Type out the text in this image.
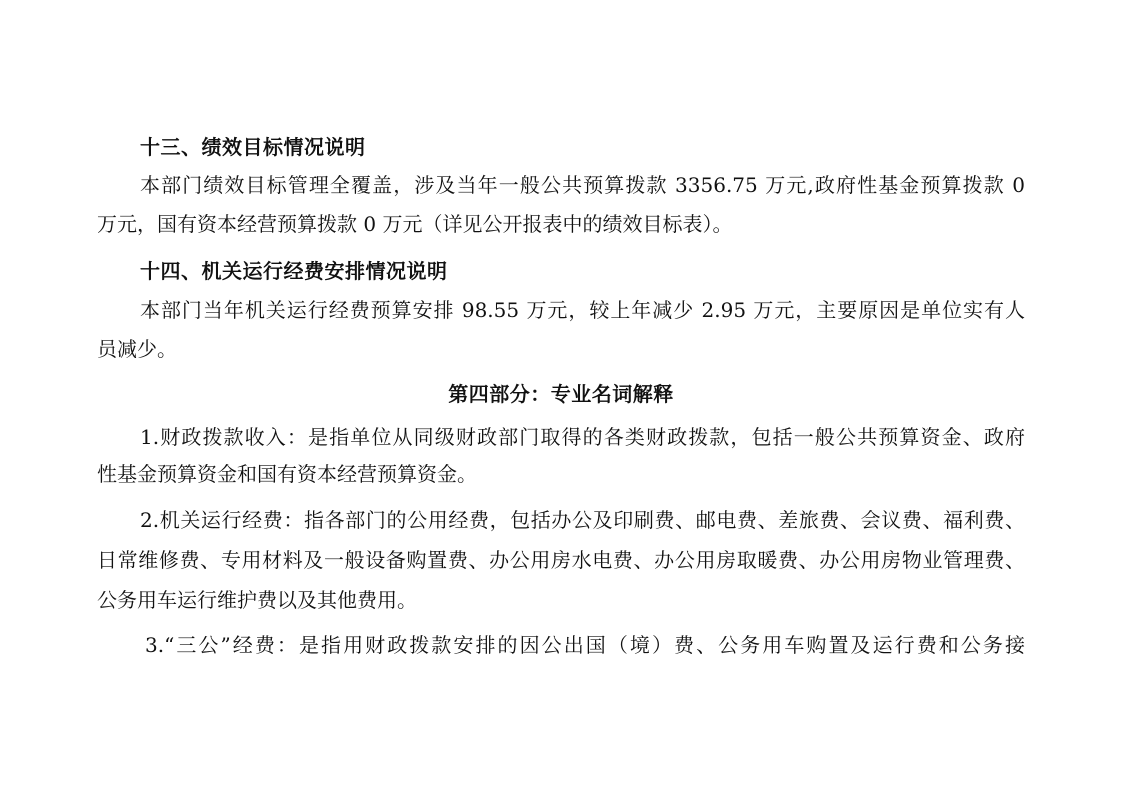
十三、绩效目标情况说明
本部门绩效目标管理全覆盖，涉及当年一般公共预算拨款 3356.75 万元,政府性基金预算拨款 0
万元，国有资本经营预算拨款 0 万元（详见公开报表中的绩效目标表）。
十四、机关运行经费安排情况说明
本部门当年机关运行经费预算安排 98.55 万元，较上年减少 2.95 万元，主要原因是单位实有人
员减少。
第四部分：专业名词解释
1.财政拨款收入：是指单位从同级财政部门取得的各类财政拨款，包括一般公共预算资金、政府
性基金预算资金和国有资本经营预算资金。
2.机关运行经费：指各部门的公用经费，包括办公及印刷费、邮电费、差旅费、会议费、福利费、
日常维修费、专用材料及一般设备购置费、办公用房水电费、办公用房取暖费、办公用房物业管理费、
公务用车运行维护费以及其他费用。
3.“三公”经费：是指用财政拨款安排的因公出国（境）费、公务用车购置及运行费和公务接
